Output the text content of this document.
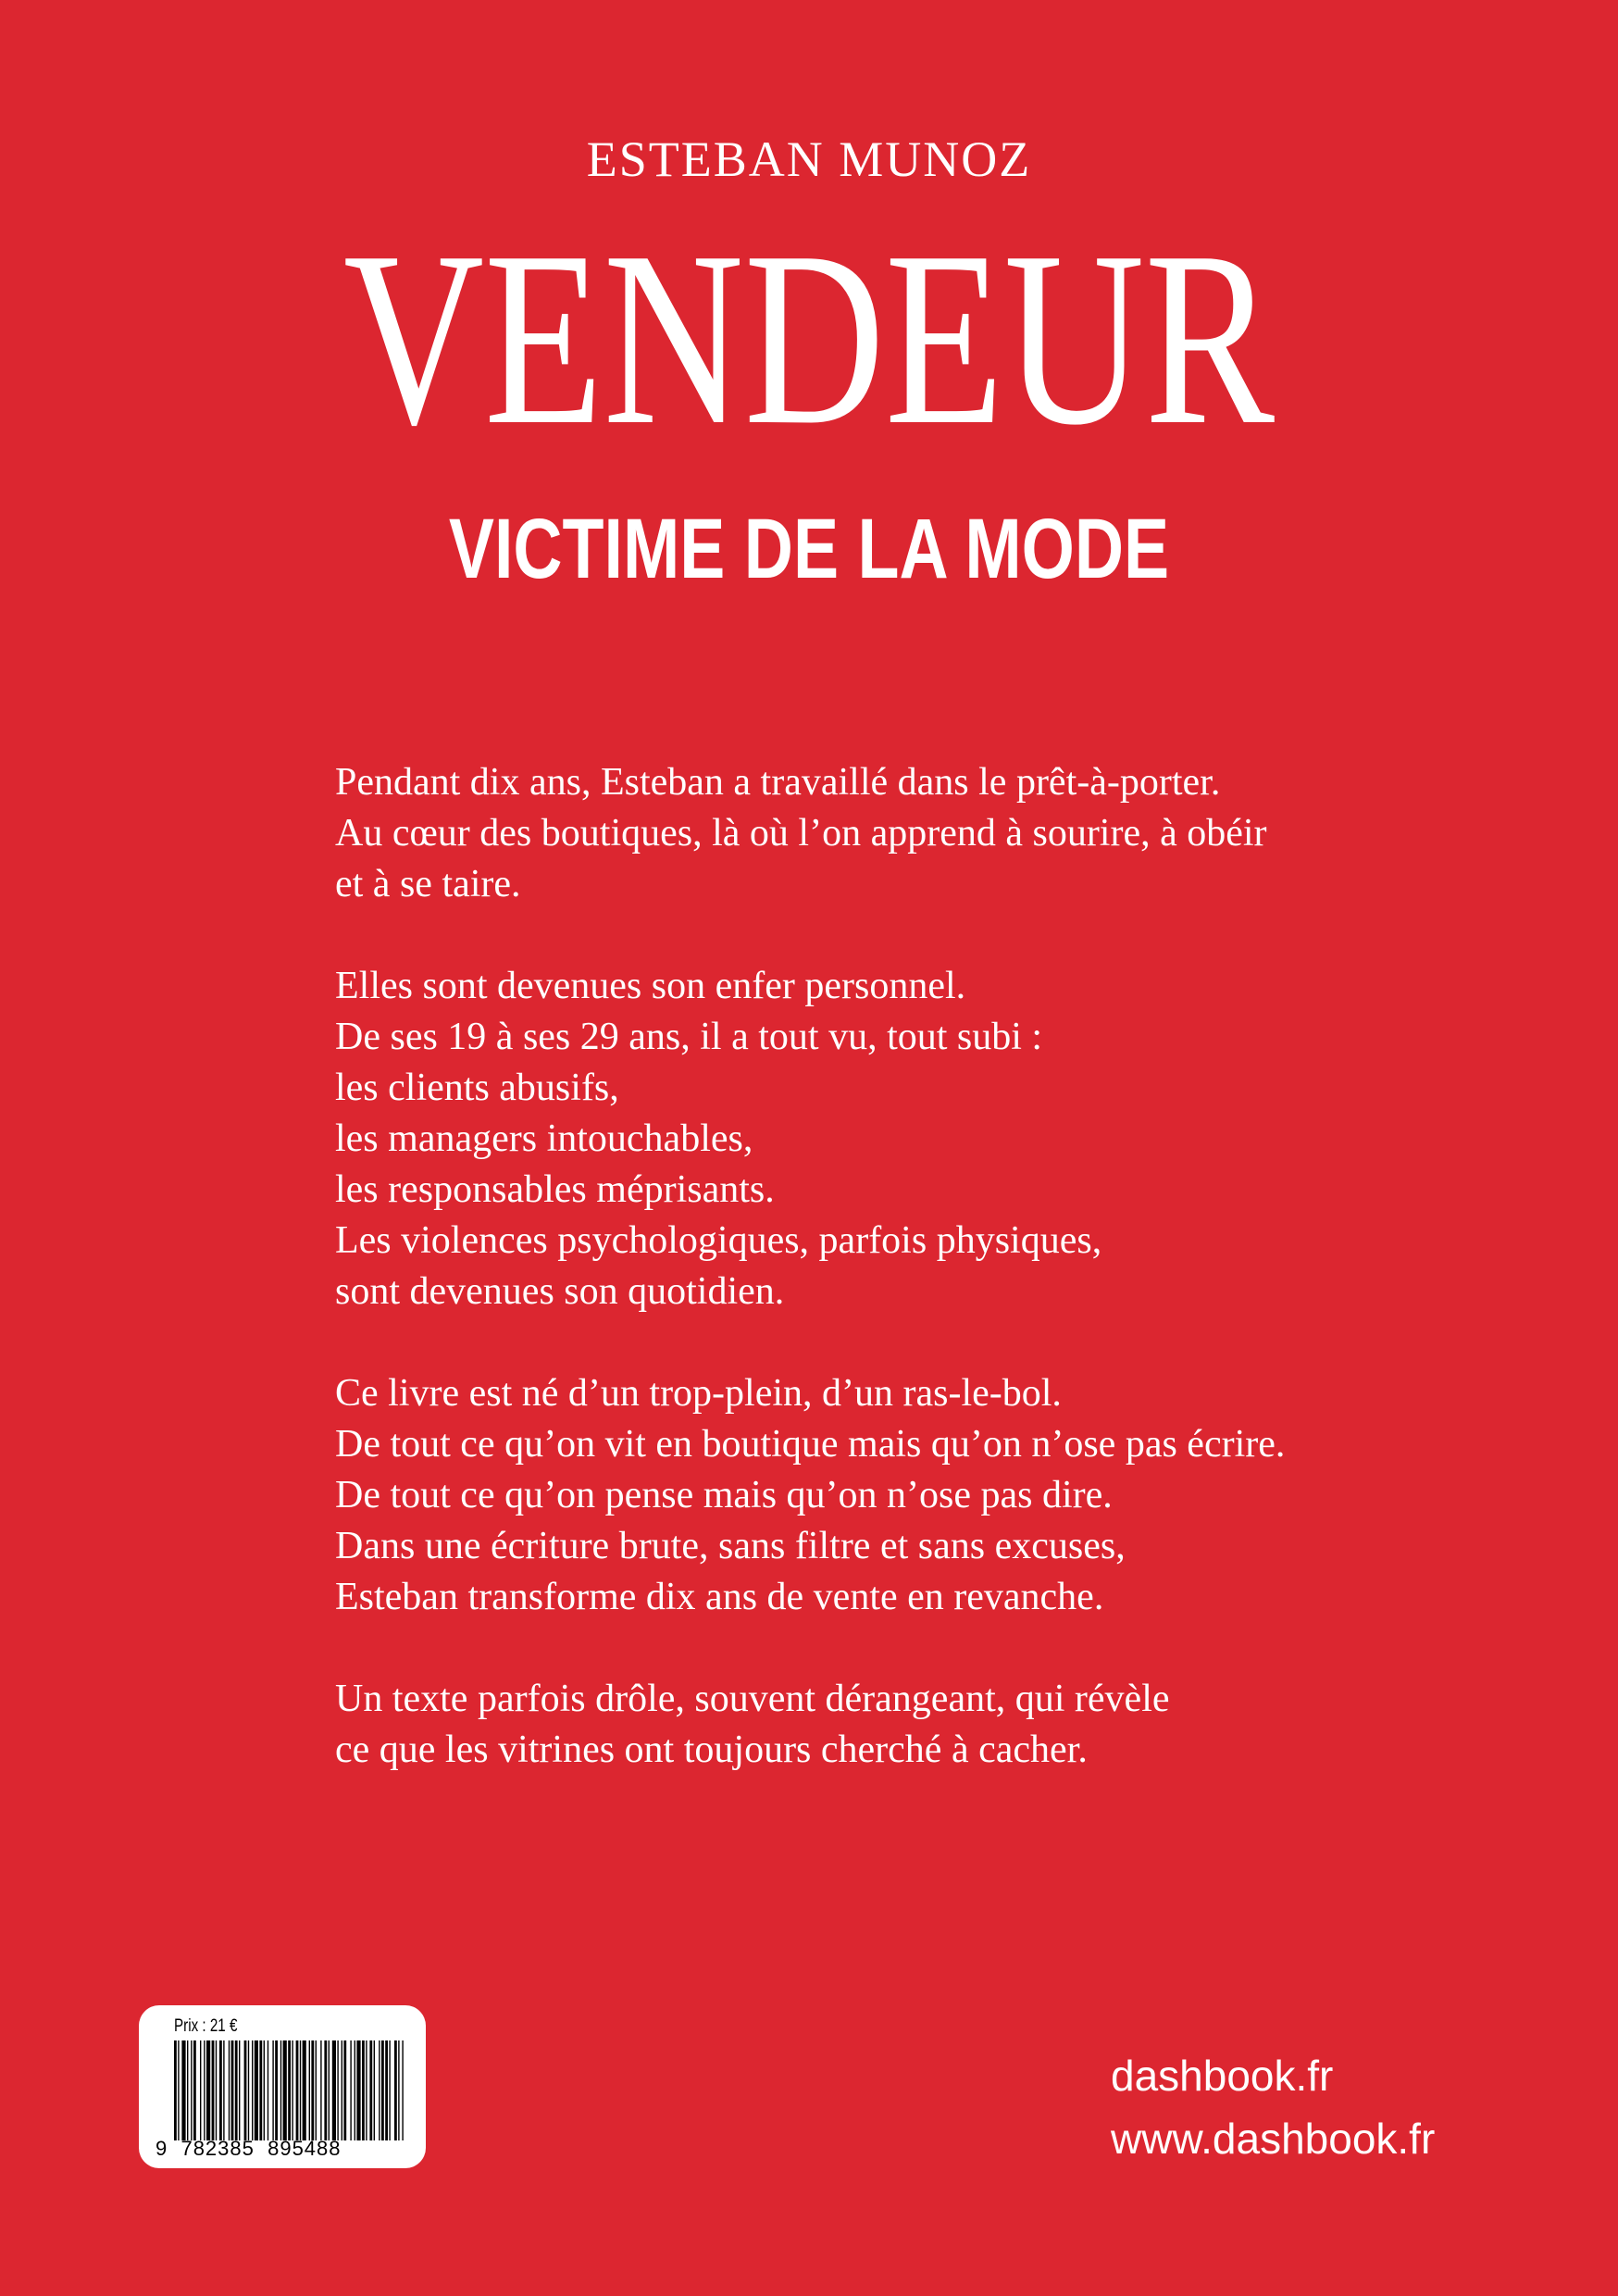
ESTEBAN MUNOZ
VENDEUR
VICTIME DE LA MODE

Pendant dix ans, Esteban a travaillé dans le prêt-à-porter.
Au cœur des boutiques, là où l’on apprend à sourire, à obéir
et à se taire.

Elles sont devenues son enfer personnel.
De ses 19 à ses 29 ans, il a tout vu, tout subi :
les clients abusifs,
les managers intouchables,
les responsables méprisants.
Les violences psychologiques, parfois physiques,
sont devenues son quotidien.

Ce livre est né d’un trop-plein, d’un ras-le-bol.
De tout ce qu’on vit en boutique mais qu’on n’ose pas écrire.
De tout ce qu’on pense mais qu’on n’ose pas dire.
Dans une écriture brute, sans filtre et sans excuses,
Esteban transforme dix ans de vente en revanche.

Un texte parfois drôle, souvent dérangeant, qui révèle
ce que les vitrines ont toujours cherché à cacher.

Prix : 21 €
9  782385  895488
dashbook.fr
www.dashbook.fr
